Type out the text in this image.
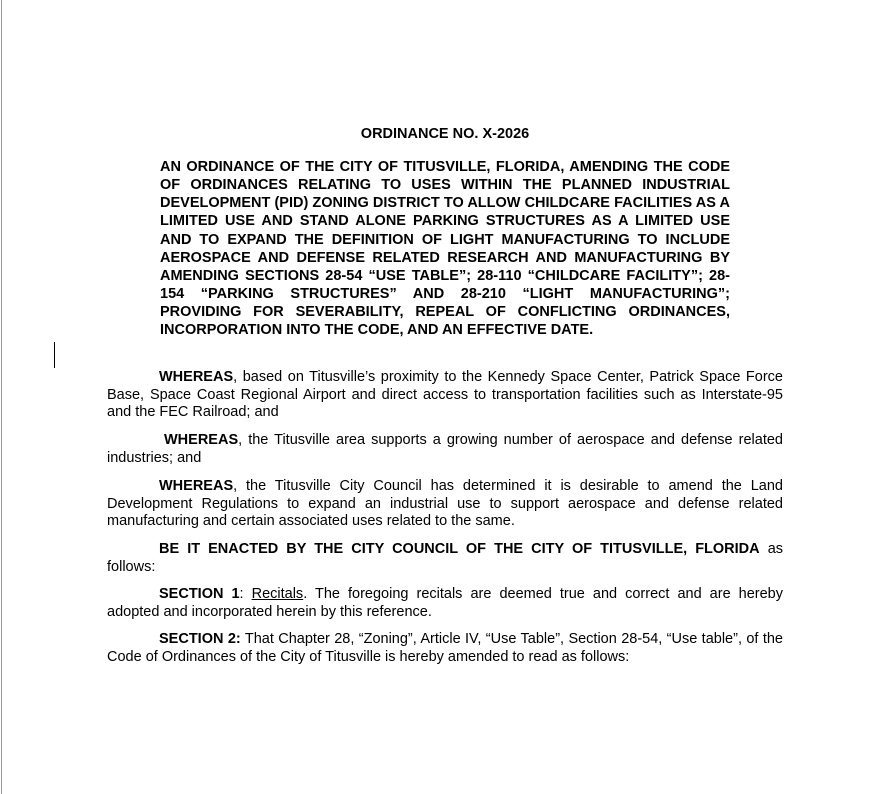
ORDINANCE NO. X-2026
AN ORDINANCE OF THE CITY OF TITUSVILLE, FLORIDA, AMENDING THE CODE OF ORDINANCES RELATING TO USES WITHIN THE PLANNED INDUSTRIAL DEVELOPMENT (PID) ZONING DISTRICT TO ALLOW CHILDCARE FACILITIES AS A LIMITED USE AND STAND ALONE PARKING STRUCTURES AS A LIMITED USE AND TO EXPAND THE DEFINITION OF LIGHT MANUFACTURING TO INCLUDE AEROSPACE AND DEFENSE RELATED RESEARCH AND MANUFACTURING BY AMENDING SECTIONS 28-54 “USE TABLE”; 28-110 “CHILDCARE FACILITY”; 28-154 “PARKING STRUCTURES” AND 28-210 “LIGHT MANUFACTURING”; PROVIDING FOR SEVERABILITY, REPEAL OF CONFLICTING ORDINANCES, INCORPORATION INTO THE CODE, AND AN EFFECTIVE DATE.
WHEREAS, based on Titusville’s proximity to the Kennedy Space Center, Patrick Space Force Base, Space Coast Regional Airport and direct access to transportation facilities such as Interstate-95 and the FEC Railroad; and
WHEREAS, the Titusville area supports a growing number of aerospace and defense related industries; and
WHEREAS, the Titusville City Council has determined it is desirable to amend the Land Development Regulations to expand an industrial use to support aerospace and defense related manufacturing and certain associated uses related to the same.
BE IT ENACTED BY THE CITY COUNCIL OF THE CITY OF TITUSVILLE, FLORIDA as follows:
SECTION 1: Recitals. The foregoing recitals are deemed true and correct and are hereby adopted and incorporated herein by this reference.
SECTION 2: That Chapter 28, “Zoning”, Article IV, “Use Table”, Section 28-54, “Use table”, of the Code of Ordinances of the City of Titusville is hereby amended to read as follows:
